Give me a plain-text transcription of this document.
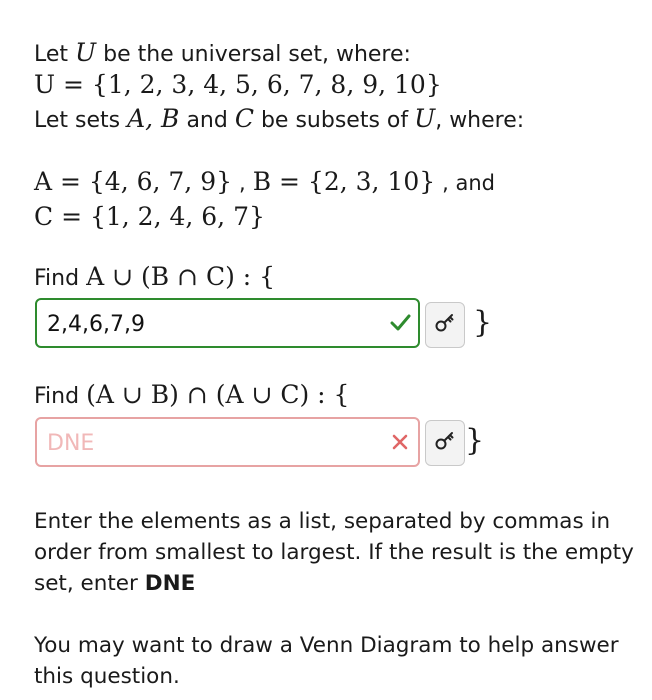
Let U be the universal set, where:
U = {1, 2, 3, 4, 5, 6, 7, 8, 9, 10}
Let sets A, B and C be subsets of U, where:
A = {4, 6, 7, 9} , B = {2, 3, 10} , and
C = {1, 2, 4, 6, 7}
Find A ∪ (B ∩ C) : {
2,4,6,7,9
}
Find (A ∪ B) ∩ (A ∪ C) : {
DNE
}
Enter the elements as a list, separated by commas in order from smallest to largest. If the result is the empty set, enter DNE
You may want to draw a Venn Diagram to help answer this question.
